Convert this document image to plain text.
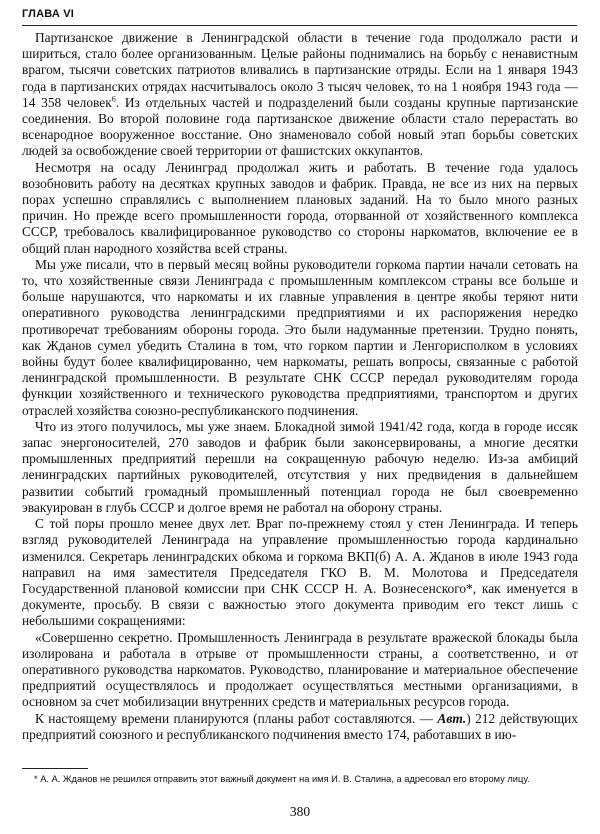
ГЛАВА VI

Партизанское движение в Ленинградской области в течение года продолжало расти и шириться, стало более организованным. Целые районы поднимались на борьбу с ненавистным врагом, тысячи советских патриотов вливались в партизанские отряды. Если на 1 января 1943 года в партизанских отрядах насчитывалось около 3 тысяч человек, то на 1 ноября 1943 года — 14 358 человек$^6$. Из отдельных частей и подразделений были созданы крупные партизанские соединения. Во второй половине года партизанское движение области стало перерастать во всенародное вооруженное восстание. Оно знаменовало собой новый этап борьбы советских людей за освобождение своей территории от фашистских оккупантов.

Несмотря на осаду Ленинград продолжал жить и работать. В течение года удалось возобновить работу на десятках крупных заводов и фабрик. Правда, не все из них на первых порах успешно справлялись с выполнением плановых заданий. На то было много разных причин. Но прежде всего промышленности города, оторванной от хозяйственного комплекса СССР, требовалось квалифицированное руководство со стороны наркоматов, включение ее в общий план народного хозяйства всей страны.

Мы уже писали, что в первый месяц войны руководители горкома партии начали сетовать на то, что хозяйственные связи Ленинграда с промышленным комплексом страны все больше и больше нарушаются, что наркоматы и их главные управления в центре якобы теряют нити оперативного руководства ленинградскими предприятиями и их распоряжения нередко противоречат требованиям обороны города. Это были надуманные претензии. Трудно понять, как Жданов сумел убедить Сталина в том, что горком партии и Ленгорисполком в условиях войны будут более квалифицированно, чем наркоматы, решать вопросы, связанные с работой ленинградской промышленности. В результате СНК СССР передал руководителям города функции хозяйственного и технического руководства предприятиями, транспортом и других отраслей хозяйства союзно-республиканского подчинения.

Что из этого получилось, мы уже знаем. Блокадной зимой 1941/42 года, когда в городе иссяк запас энергоносителей, 270 заводов и фабрик были законсервированы, а многие десятки промышленных предприятий перешли на сокращенную рабочую неделю. Из-за амбиций ленинградских партийных руководителей, отсутствия у них предвидения в дальнейшем развитии событий громадный промышленный потенциал города не был своевременно эвакуирован в глубь СССР и долгое время не работал на оборону страны.

С той поры прошло менее двух лет. Враг по-прежнему стоял у стен Ленинграда. И теперь взгляд руководителей Ленинграда на управление промышленностью города кардинально изменился. Секретарь ленинградских обкома и горкома ВКП(б) А. А. Жданов в июле 1943 года направил на имя заместителя Председателя ГКО В. М. Молотова и Председателя Государственной плановой комиссии при СНК СССР Н. А. Вознесенского*, как именуется в документе, просьбу. В связи с важностью этого документа приводим его текст лишь с небольшими сокращениями:

«Совершенно секретно. Промышленность Ленинграда в результате вражеской блокады была изолирована и работала в отрыве от промышленности страны, а соответственно, и от оперативного руководства наркоматов. Руководство, планирование и материальное обеспечение предприятий осуществлялось и продолжает осуществляться местными организациями, в основном за счет мобилизации внутренних средств и материальных ресурсов города.

К настоящему времени планируются (планы работ составляются. — Авт.) 212 действующих предприятий союзного и республиканского подчинения вместо 174, работавших в ию-

* А. А. Жданов не решился отправить этот важный документ на имя И. В. Сталина, а адресовал его второму лицу.
380
